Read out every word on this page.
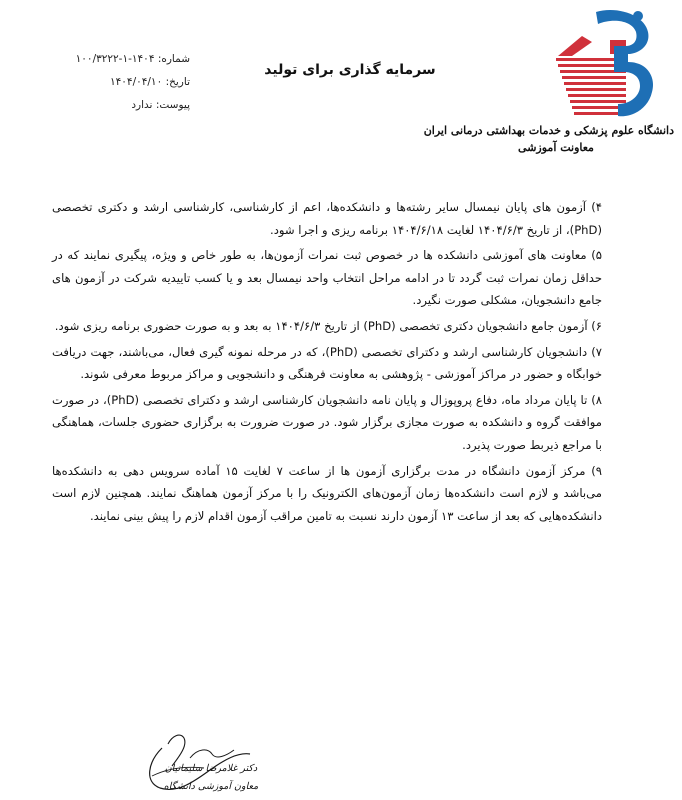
شماره: ۱۴۰۴-۱-۱۰۰/۳۲۲۲
تاریخ: ۱۴۰۴/۰۴/۱۰
پیوست: ندارد
سرمایه گذاری برای تولید
دانشگاه علوم پزشکی و خدمات بهداشتی درمانی ایران
معاونت آموزشی

۴) آزمون های پایان نیمسال سایر رشته‌ها و دانشکده‌ها، اعم از کارشناسی، کارشناسی ارشد و دکتری تخصصی (PhD)، از تاریخ ۱۴۰۴/۶/۳ لغایت ۱۴۰۴/۶/۱۸ برنامه ریزی و اجرا شود.

۵) معاونت های آموزشی دانشکده ها در خصوص ثبت نمرات آزمون‌ها، به طور خاص و ویژه، پیگیری نمایند که در حداقل زمان نمرات ثبت گردد تا در ادامه مراحل انتخاب واحد نیمسال بعد و یا کسب تاییدیه شرکت در آزمون های جامع دانشجویان، مشکلی صورت نگیرد.

۶) آزمون جامع دانشجویان دکتری تخصصی (PhD) از تاریخ ۱۴۰۴/۶/۳ به بعد و به صورت حضوری برنامه ریزی شود.

۷) دانشجویان کارشناسی ارشد و دکترای تخصصی (PhD)، که در مرحله نمونه گیری فعال، می‌باشند، جهت دریافت خوابگاه و حضور در مراکز آموزشی - پژوهشی به معاونت فرهنگی و دانشجویی و مراکز مربوط معرفی شوند.

۸) تا پایان مرداد ماه، دفاع پروپوزال و پایان نامه دانشجویان کارشناسی ارشد و دکترای تخصصی (PhD)، در صورت موافقت گروه و دانشکده به صورت مجازی برگزار شود. در صورت ضرورت به برگزاری حضوری جلسات، هماهنگی با مراجع ذیربط صورت پذیرد.

۹) مرکز آزمون دانشگاه در مدت برگزاری آزمون ها از ساعت ۷ لغایت ۱۵ آماده سرویس دهی به دانشکده‌ها می‌باشد و لازم است دانشکده‌ها زمان آزمون‌های الکترونیک را با مرکز آزمون هماهنگ نمایند. همچنین لازم است دانشکده‌هایی که بعد از ساعت ۱۳ آزمون دارند نسبت به تامین مراقب آزمون اقدام لازم را پیش بینی نمایند.

دکتر غلامرضا سلیمانیان
معاون آموزشی دانشگاه
